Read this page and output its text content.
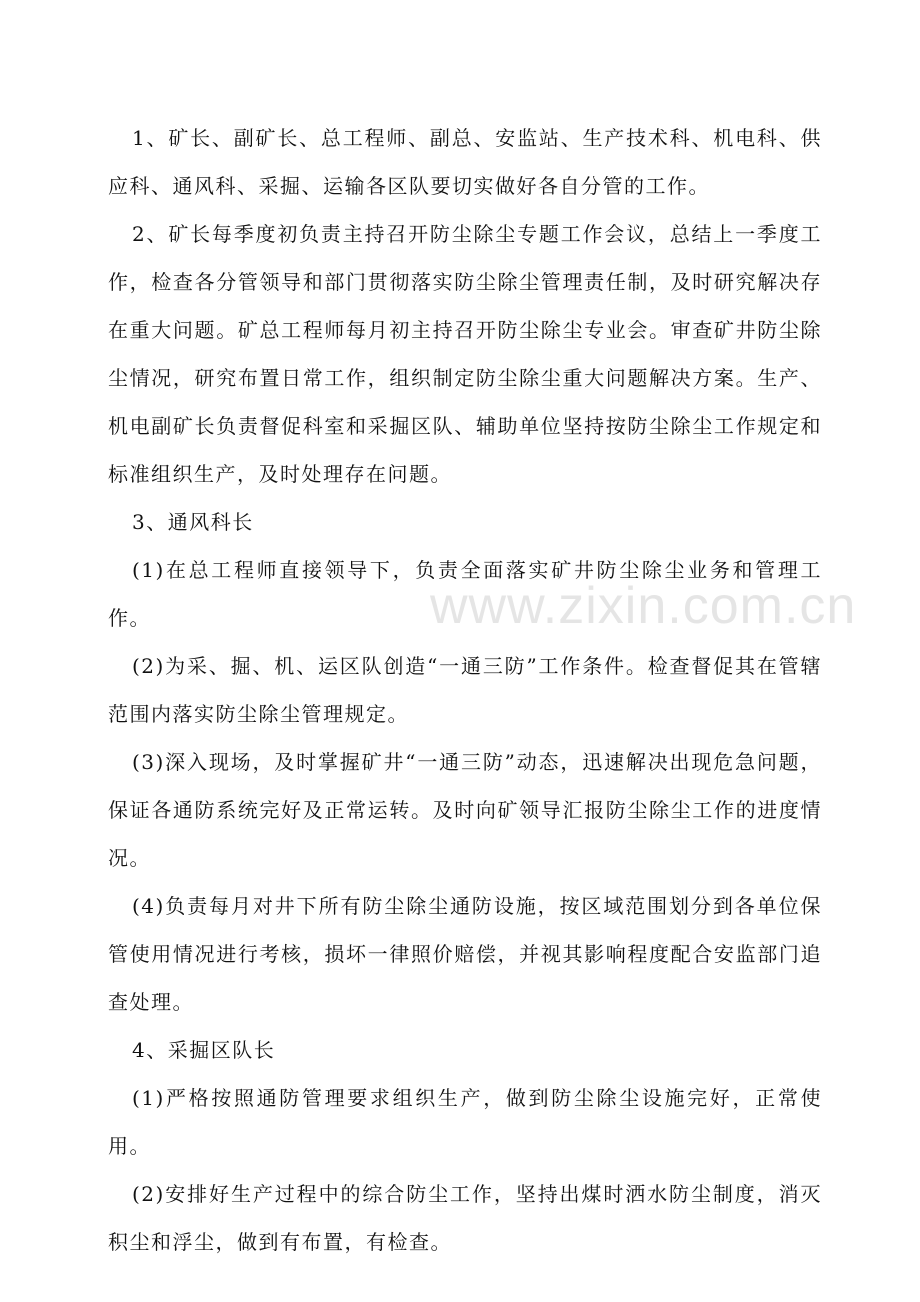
1、矿长、副矿长、总工程师、副总、安监站、生产技术科、机电科、供应科、通风科、采掘、运输各区队要切实做好各自分管的工作。

2、矿长每季度初负责主持召开防尘除尘专题工作会议，总结上一季度工作，检查各分管领导和部门贯彻落实防尘除尘管理责任制，及时研究解决存在重大问题。矿总工程师每月初主持召开防尘除尘专业会。审查矿井防尘除尘情况，研究布置日常工作，组织制定防尘除尘重大问题解决方案。生产、机电副矿长负责督促科室和采掘区队、辅助单位坚持按防尘除尘工作规定和标准组织生产，及时处理存在问题。

3、通风科长

(1)在总工程师直接领导下，负责全面落实矿井防尘除尘业务和管理工作。

(2)为采、掘、机、运区队创造“一通三防”工作条件。检查督促其在管辖范围内落实防尘除尘管理规定。

(3)深入现场，及时掌握矿井“一通三防”动态，迅速解决出现危急问题，保证各通防系统完好及正常运转。及时向矿领导汇报防尘除尘工作的进度情况。

(4)负责每月对井下所有防尘除尘通防设施，按区域范围划分到各单位保管使用情况进行考核，损坏一律照价赔偿，并视其影响程度配合安监部门追查处理。

4、采掘区队长

(1)严格按照通防管理要求组织生产，做到防尘除尘设施完好，正常使用。

(2)安排好生产过程中的综合防尘工作，坚持出煤时洒水防尘制度，消灭积尘和浮尘，做到有布置，有检查。

www.zixin.com.cn
